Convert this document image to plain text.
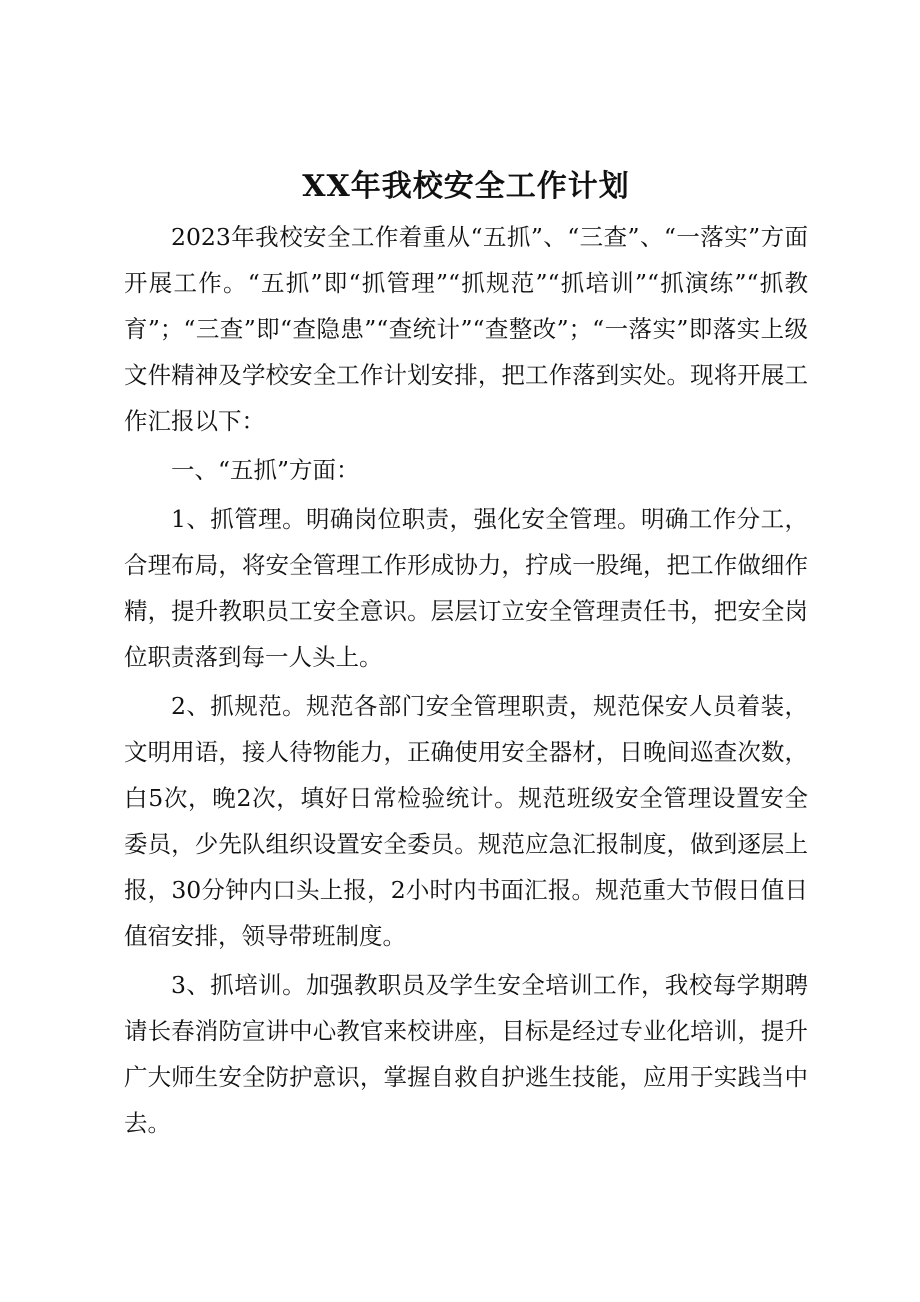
XX年我校安全工作计划

2023年我校安全工作着重从“五抓”、“三查”、“一落实”方面开展工作。“五抓”即“抓管理”“抓规范”“抓培训”“抓演练”“抓教育”；“三查”即“查隐患”“查统计”“查整改”；“一落实”即落实上级文件精神及学校安全工作计划安排，把工作落到实处。现将开展工作汇报以下：

一、“五抓”方面：

1、抓管理。明确岗位职责，强化安全管理。明确工作分工，合理布局，将安全管理工作形成协力，拧成一股绳，把工作做细作精，提升教职员工安全意识。层层订立安全管理责任书，把安全岗位职责落到每一人头上。

2、抓规范。规范各部门安全管理职责，规范保安人员着装，文明用语，接人待物能力，正确使用安全器材，日晚间巡查次数，白5次，晚2次，填好日常检验统计。规范班级安全管理设置安全委员，少先队组织设置安全委员。规范应急汇报制度，做到逐层上报，30分钟内口头上报，2小时内书面汇报。规范重大节假日值日值宿安排，领导带班制度。

3、抓培训。加强教职员及学生安全培训工作，我校每学期聘请长春消防宣讲中心教官来校讲座，目标是经过专业化培训，提升广大师生安全防护意识，掌握自救自护逃生技能，应用于实践当中去。
